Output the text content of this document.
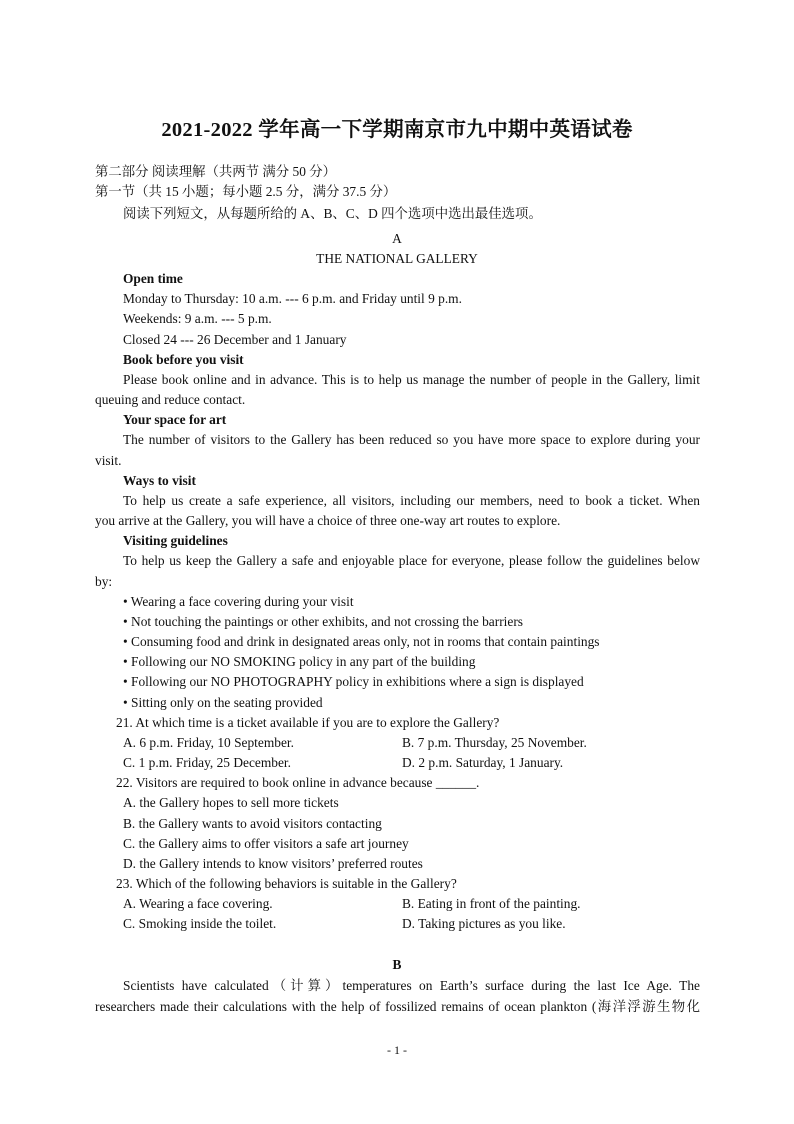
2021-2022 学年高一下学期南京市九中期中英语试卷
第二部分 阅读理解（共两节 满分 50 分）
第一节（共 15 小题；每小题 2.5 分，满分 37.5 分）
阅读下列短文，从每题所给的 A、B、C、D 四个选项中选出最佳选项。
A
THE NATIONAL GALLERY
Open time
Monday to Thursday: 10 a.m. --- 6 p.m. and Friday until 9 p.m.
Weekends: 9 a.m. --- 5 p.m.
Closed 24 --- 26 December and 1 January
Book before you visit
Please book online and in advance. This is to help us manage the number of people in the Gallery, limit
queuing and reduce contact.
Your space for art
The number of visitors to the Gallery has been reduced so you have more space to explore during your
visit.
Ways to visit
To help us create a safe experience, all visitors, including our members, need to book a ticket. When
you arrive at the Gallery, you will have a choice of three one-way art routes to explore.
Visiting guidelines
To help us keep the Gallery a safe and enjoyable place for everyone, please follow the guidelines below
by:
• Wearing a face covering during your visit
• Not touching the paintings or other exhibits, and not crossing the barriers
• Consuming food and drink in designated areas only, not in rooms that contain paintings
• Following our NO SMOKING policy in any part of the building
• Following our NO PHOTOGRAPHY policy in exhibitions where a sign is displayed
• Sitting only on the seating provided
21. At which time is a ticket available if you are to explore the Gallery?
A. 6 p.m. Friday, 10 September.	B. 7 p.m. Thursday, 25 November.
C. 1 p.m. Friday, 25 December.	D. 2 p.m. Saturday, 1 January.
22. Visitors are required to book online in advance because ______.
A. the Gallery hopes to sell more tickets
B. the Gallery wants to avoid visitors contacting
C. the Gallery aims to offer visitors a safe art journey
D. the Gallery intends to know visitors’ preferred routes
23. Which of the following behaviors is suitable in the Gallery?
A. Wearing a face covering.	B. Eating in front of the painting.
C. Smoking inside the toilet.	D. Taking pictures as you like.
B
Scientists have calculated（计算）temperatures on Earth’s surface during the last Ice Age. The
researchers made their calculations with the help of fossilized remains of ocean plankton (海洋浮游生物化
- 1 -
